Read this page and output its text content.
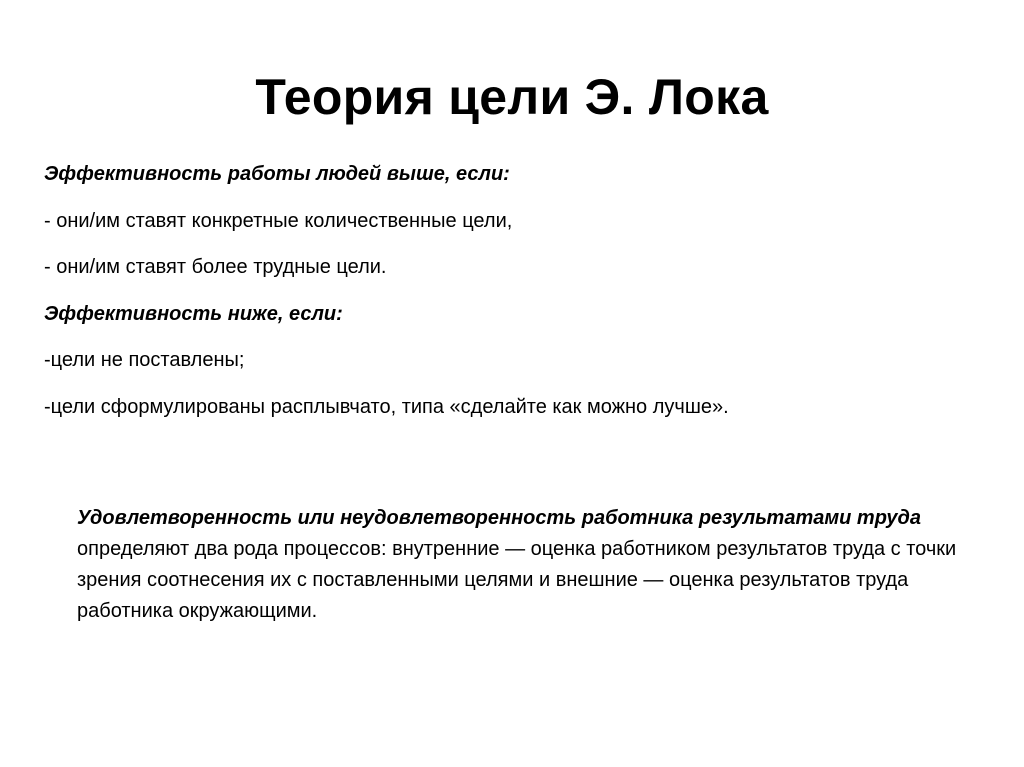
Теория цели Э. Лока
Эффективность работы людей выше, если:
- они/им ставят конкретные количественные цели,
- они/им ставят более трудные цели.
Эффективность ниже, если:
-цели не поставлены;
-цели сформулированы расплывчато, типа «сделайте как можно лучше».
Удовлетворенность или неудовлетворенность работника результатами труда определяют два рода процессов: внутренние — оценка работником результатов труда с точки зрения соотнесения их с поставленными целями и внешние — оценка результатов труда работника окружающими.
